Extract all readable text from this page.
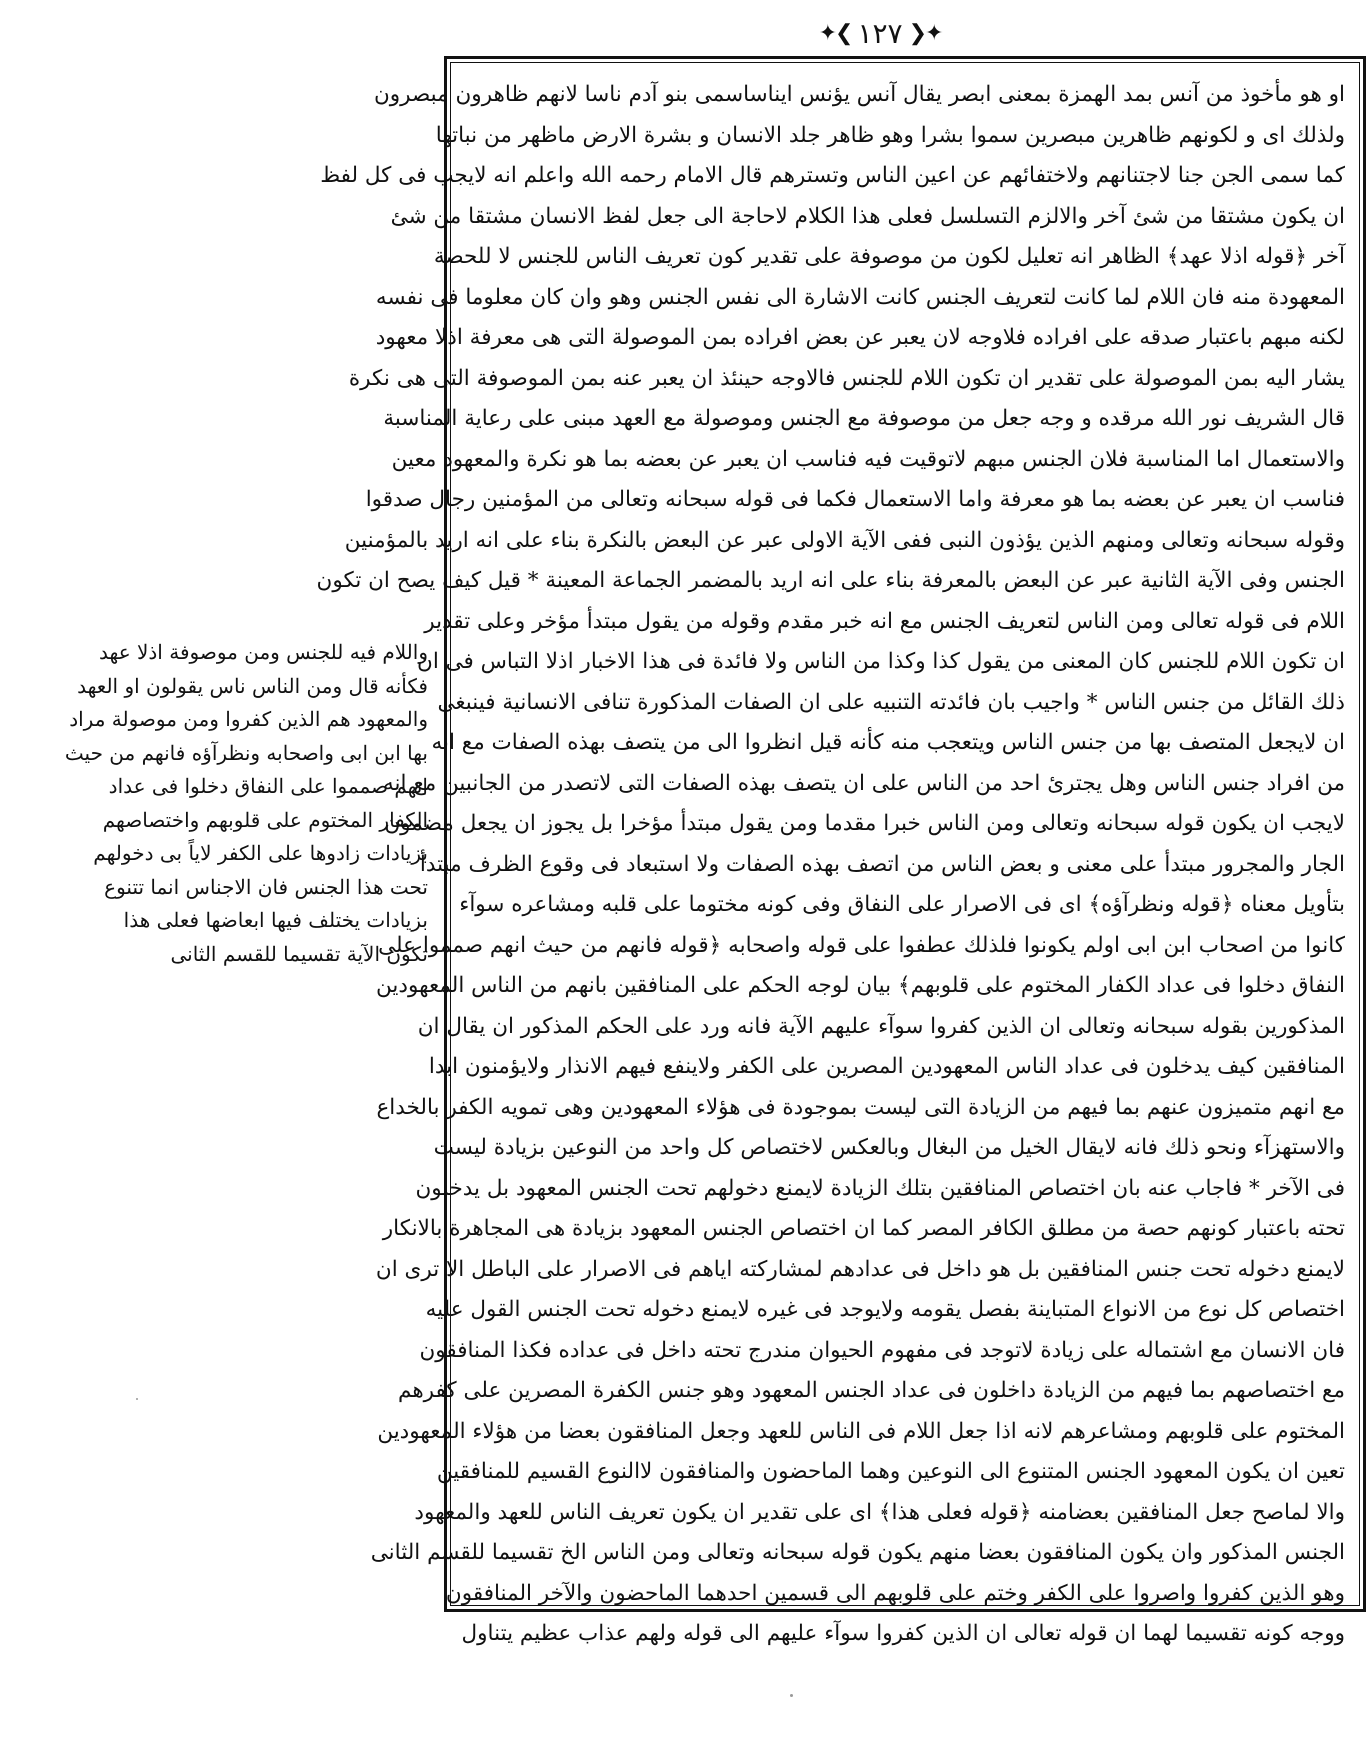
✦❮
١٢٧
❯✦
او هو مأخوذ من آنس بمد الهمزة بمعنى ابصر يقال آنس يؤنس ايناساسمى بنو آدم ناسا لانهم ظاهرون مبصرون
ولذلك اى و لكونهم ظاهرين مبصرين سموا بشرا وهو ظاهر جلد الانسان و بشرة الارض ماظهر من نباتها
كما سمى الجن جنا لاجتنانهم ولاختفائهم عن اعين الناس وتسترهم قال الامام رحمه الله واعلم انه لايجب فى كل لفظ
ان يكون مشتقا من شئ آخر والالزم التسلسل فعلى هذا الكلام لاحاجة الى جعل لفظ الانسان مشتقا من شئ
آخر ﴿قوله اذلا عهد﴾ الظاهر انه تعليل لكون من موصوفة على تقدير كون تعريف الناس للجنس لا للحصة
المعهودة منه فان اللام لما كانت لتعريف الجنس كانت الاشارة الى نفس الجنس وهو وان كان معلوما فى نفسه
لكنه مبهم باعتبار صدقه على افراده فلاوجه لان يعبر عن بعض افراده بمن الموصولة التى هى معرفة اذلا معهود
يشار اليه بمن الموصولة على تقدير ان تكون اللام للجنس فالاوجه حينئذ ان يعبر عنه بمن الموصوفة التى هى نكرة
قال الشريف نور الله مرقده و وجه جعل من موصوفة مع الجنس وموصولة مع العهد مبنى على رعاية المناسبة
والاستعمال اما المناسبة فلان الجنس مبهم لاتوقيت فيه فناسب ان يعبر عن بعضه بما هو نكرة والمعهود معين
فناسب ان يعبر عن بعضه بما هو معرفة واما الاستعمال فكما فى قوله سبحانه وتعالى من المؤمنين رجال صدقوا
وقوله سبحانه وتعالى ومنهم الذين يؤذون النبى ففى الآية الاولى عبر عن البعض بالنكرة بناء على انه اريد بالمؤمنين
الجنس وفى الآية الثانية عبر عن البعض بالمعرفة بناء على انه اريد بالمضمر الجماعة المعينة * قيل كيف يصح ان تكون
اللام فى قوله تعالى ومن الناس لتعريف الجنس مع انه خبر مقدم وقوله من يقول مبتدأ مؤخر وعلى تقدير
ان تكون اللام للجنس كان المعنى من يقول كذا وكذا من الناس ولا فائدة فى هذا الاخبار اذلا التباس فى ان
ذلك القائل من جنس الناس * واجيب بان فائدته التنبيه على ان الصفات المذكورة تنافى الانسانية فينبغى
ان لايجعل المتصف بها من جنس الناس ويتعجب منه كأنه قيل انظروا الى من يتصف بهذه الصفات مع انه
من افراد جنس الناس وهل يجترئ احد من الناس على ان يتصف بهذه الصفات التى لاتصدر من الجانبين مع انه
لايجب ان يكون قوله سبحانه وتعالى ومن الناس خبرا مقدما ومن يقول مبتدأ مؤخرا بل يجوز ان يجعل مضمون
الجار والمجرور مبتدأ على معنى و بعض الناس من اتصف بهذه الصفات ولا استبعاد فى وقوع الظرف مبتدأ
بتأويل معناه ﴿قوله ونظرآؤه﴾ اى فى الاصرار على النفاق وفى كونه مختوما على قلبه ومشاعره سوآء
كانوا من اصحاب ابن ابى اولم يكونوا فلذلك عطفوا على قوله واصحابه ﴿قوله فانهم من حيث انهم صمموا على
النفاق دخلوا فى عداد الكفار المختوم على قلوبهم﴾ بيان لوجه الحكم على المنافقين بانهم من الناس المعهودين
المذكورين بقوله سبحانه وتعالى ان الذين كفروا سوآء عليهم الآية فانه ورد على الحكم المذكور ان يقال ان
المنافقين كيف يدخلون فى عداد الناس المعهودين المصرين على الكفر ولاينفع فيهم الانذار ولايؤمنون ابدا
مع انهم متميزون عنهم بما فيهم من الزيادة التى ليست بموجودة فى هؤلاء المعهودين وهى تمويه الكفر بالخداع
والاستهزآء ونحو ذلك فانه لايقال الخيل من البغال وبالعكس لاختصاص كل واحد من النوعين بزيادة ليست
فى الآخر * فاجاب عنه بان اختصاص المنافقين بتلك الزيادة لايمنع دخولهم تحت الجنس المعهود بل يدخلون
تحته باعتبار كونهم حصة من مطلق الكافر المصر كما ان اختصاص الجنس المعهود بزيادة هى المجاهرة بالانكار
لايمنع دخوله تحت جنس المنافقين بل هو داخل فى عدادهم لمشاركته اياهم فى الاصرار على الباطل الا ترى ان
اختصاص كل نوع من الانواع المتباينة بفصل يقومه ولايوجد فى غيره لايمنع دخوله تحت الجنس القول عليه
فان الانسان مع اشتماله على زيادة لاتوجد فى مفهوم الحيوان مندرج تحته داخل فى عداده فكذا المنافقون
مع اختصاصهم بما فيهم من الزيادة داخلون فى عداد الجنس المعهود وهو جنس الكفرة المصرين على كفرهم
المختوم على قلوبهم ومشاعرهم لانه اذا جعل اللام فى الناس للعهد وجعل المنافقون بعضا من هؤلاء المعهودين
تعين ان يكون المعهود الجنس المتنوع الى النوعين وهما الماحضون والمنافقون لاالنوع القسيم للمنافقين
والا لماصح جعل المنافقين بعضامنه ﴿قوله فعلى هذا﴾ اى على تقدير ان يكون تعريف الناس للعهد والمعهود
الجنس المذكور وان يكون المنافقون بعضا منهم يكون قوله سبحانه وتعالى ومن الناس الخ تقسيما للقسم الثانى
وهو الذين كفروا واصروا على الكفر وختم على قلوبهم الى قسمين احدهما الماحضون والآخر المنافقون
ووجه كونه تقسيما لهما ان قوله تعالى ان الذين كفروا سوآء عليهم الى قوله ولهم عذاب عظيم يتناول
واللام فيه للجنس ومن موصوفة اذلا عهد
فكأنه قال ومن الناس ناس يقولون او العهد
والمعهود هم الذين كفروا ومن موصولة مراد
بها ابن ابى واصحابه ونظرآؤه فانهم من حيث
انهم صمموا على النفاق دخلوا فى عداد
الكفار المختوم على قلوبهم واختصاصهم
بزيادات زادوها على الكفر لاياً بى دخولهم
تحت هذا الجنس فان الاجناس انما تتنوع
بزيادات يختلف فيها ابعاضها فعلى هذا
تكون الآية تقسيما للقسم الثانى
